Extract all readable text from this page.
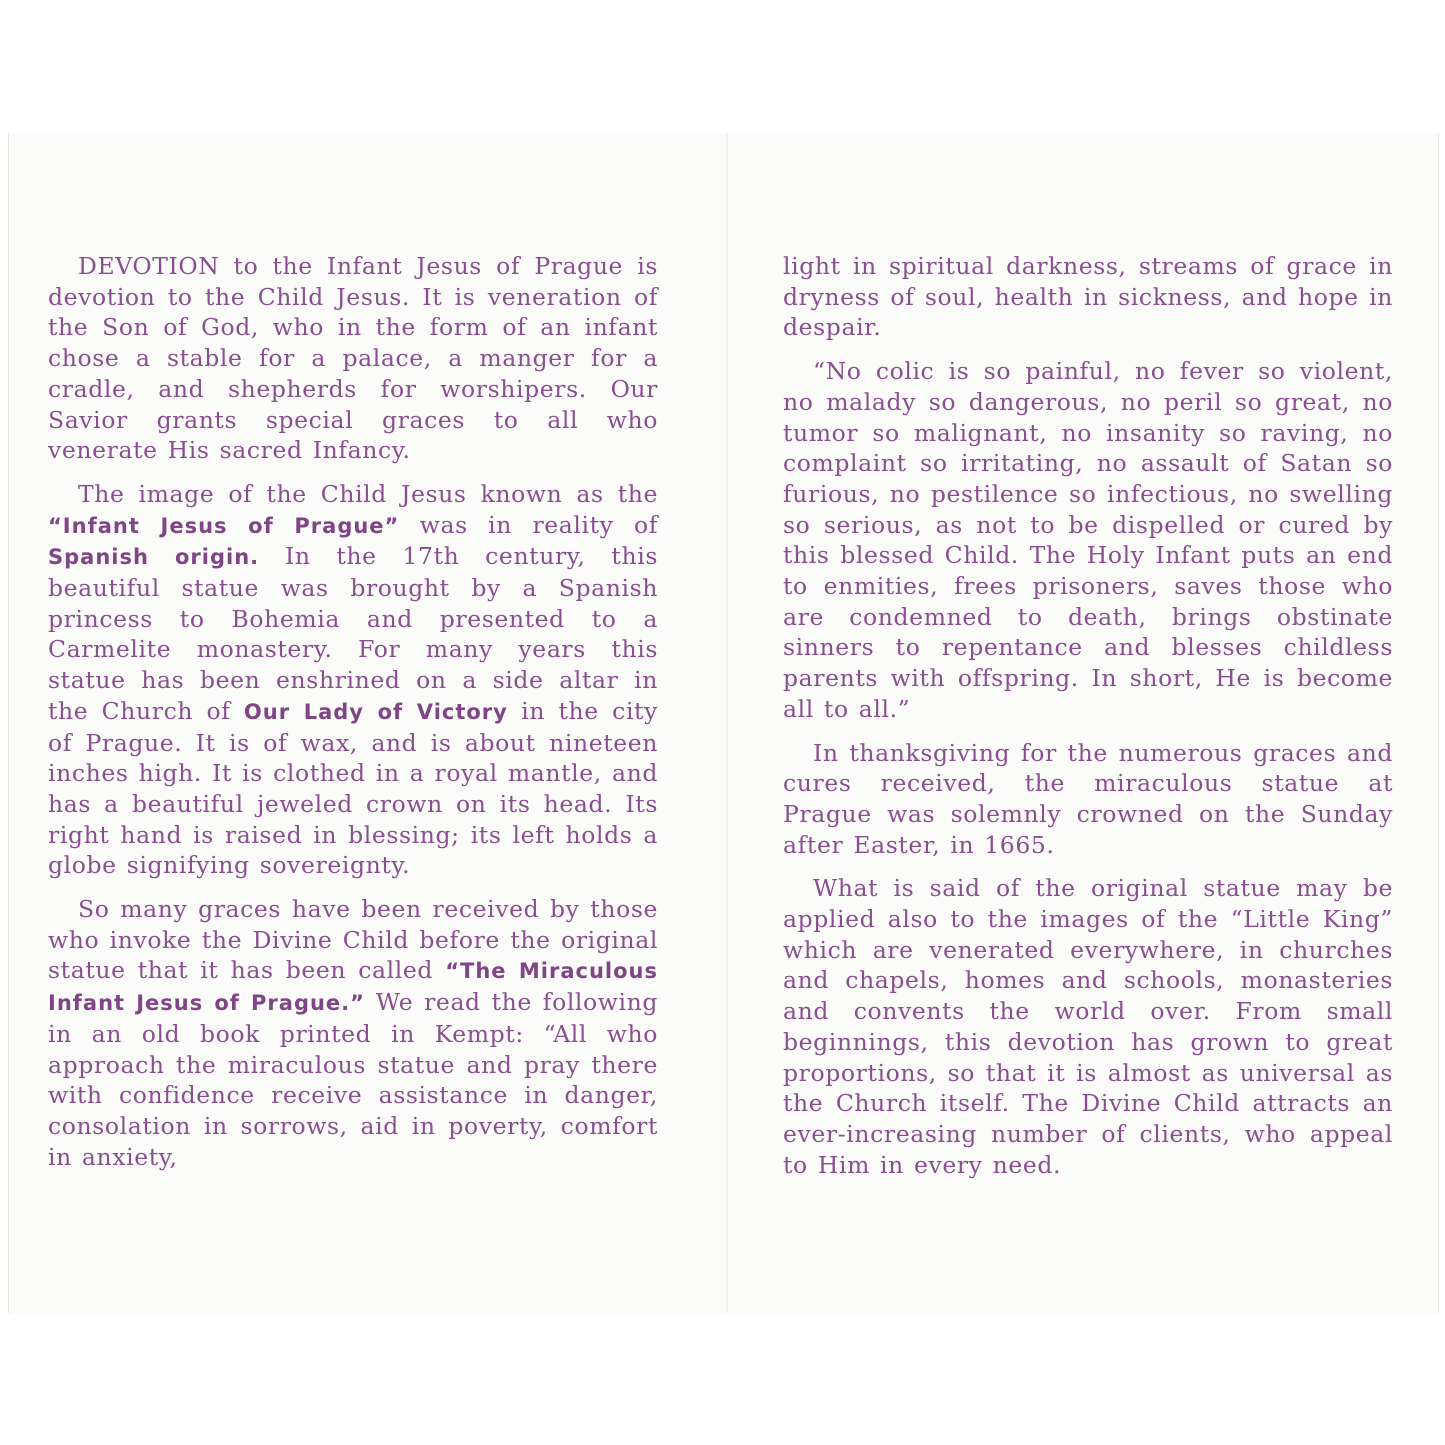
DEVOTION to the Infant Jesus of Prague is devotion to the Child Jesus. It is veneration of the Son of God, who in the form of an infant chose a stable for a palace, a manger for a cradle, and shepherds for worshipers. Our Savior grants special graces to all who venerate His sacred Infancy.

The image of the Child Jesus known as the “Infant Jesus of Prague” was in reality of Spanish origin. In the 17th century, this beautiful statue was brought by a Spanish princess to Bohemia and presented to a Carmelite monastery. For many years this statue has been enshrined on a side altar in the Church of Our Lady of Victory in the city of Prague. It is of wax, and is about nineteen inches high. It is clothed in a royal mantle, and has a beautiful jeweled crown on its head. Its right hand is raised in blessing; its left holds a globe signifying sovereignty.

So many graces have been received by those who invoke the Divine Child before the original statue that it has been called “The Miraculous Infant Jesus of Prague.” We read the following in an old book printed in Kempt: “All who approach the miraculous statue and pray there with confidence receive assistance in danger, consolation in sorrows, aid in poverty, comfort in anxiety,

light in spiritual darkness, streams of grace in dryness of soul, health in sickness, and hope in despair.

“No colic is so painful, no fever so violent, no malady so dangerous, no peril so great, no tumor so malignant, no insanity so raving, no complaint so irritating, no assault of Satan so furious, no pestilence so infectious, no swelling so serious, as not to be dispelled or cured by this blessed Child. The Holy Infant puts an end to enmities, frees prisoners, saves those who are condemned to death, brings obstinate sinners to repentance and blesses childless parents with offspring. In short, He is become all to all.”

In thanksgiving for the numerous graces and cures received, the miraculous statue at Prague was solemnly crowned on the Sunday after Easter, in 1665.

What is said of the original statue may be applied also to the images of the “Little King” which are venerated everywhere, in churches and chapels, homes and schools, monasteries and convents the world over. From small beginnings, this devotion has grown to great proportions, so that it is almost as universal as the Church itself. The Divine Child attracts an ever-increasing number of clients, who appeal to Him in every need.
